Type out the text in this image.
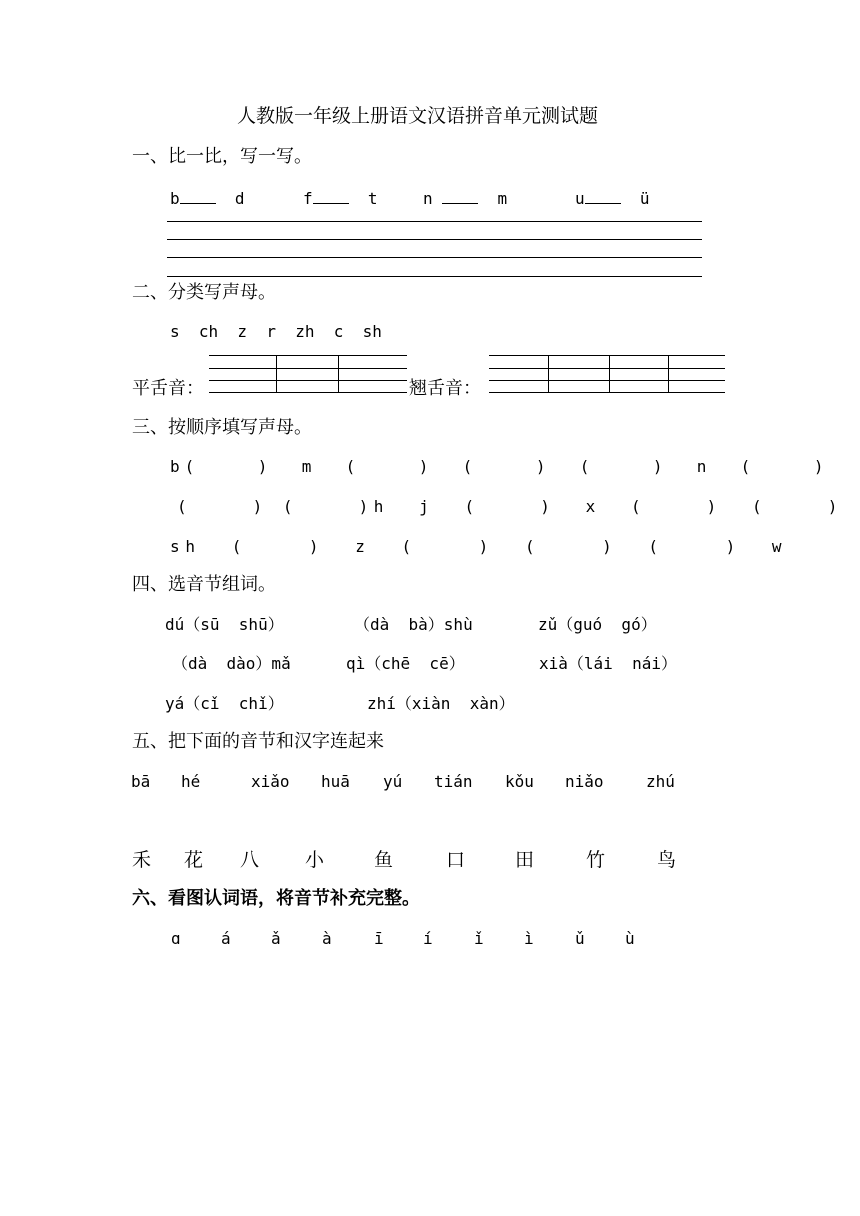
人教版一年级上册语文汉语拼音单元测试题
一、比一比，写一写。
b	d	f	t	n	m	u	ü
二、分类写声母。
s  ch  z  r  zh  c  sh
平舌音：	翘舌音：
三、按顺序填写声母。
b(    )  m  (    )  (    )  (    )  n  (    )
(    ) (    )h  j  (    )  x  (    )  (    )
sh  (    )  z  (    )  (    )  (    )  w
四、选音节组词。
dú（sū  shū）	（dà  bà）shù	zǔ（guó  gó）
（dà  dào）mǎ	qì（chē  cē）	xià（lái  nái）
yá（cǐ  chǐ）	zhí（xiàn  xàn）
五、把下面的音节和汉字连起来
bā hé	xiǎo huā yú tián kǒu niǎo	zhú
禾 花 八 小	鱼	口	田	竹	鸟
六、看图认词语，将音节补充完整。
ɑ	á	ǎ	à	ī í	ǐ	ì	ǔ	ù
